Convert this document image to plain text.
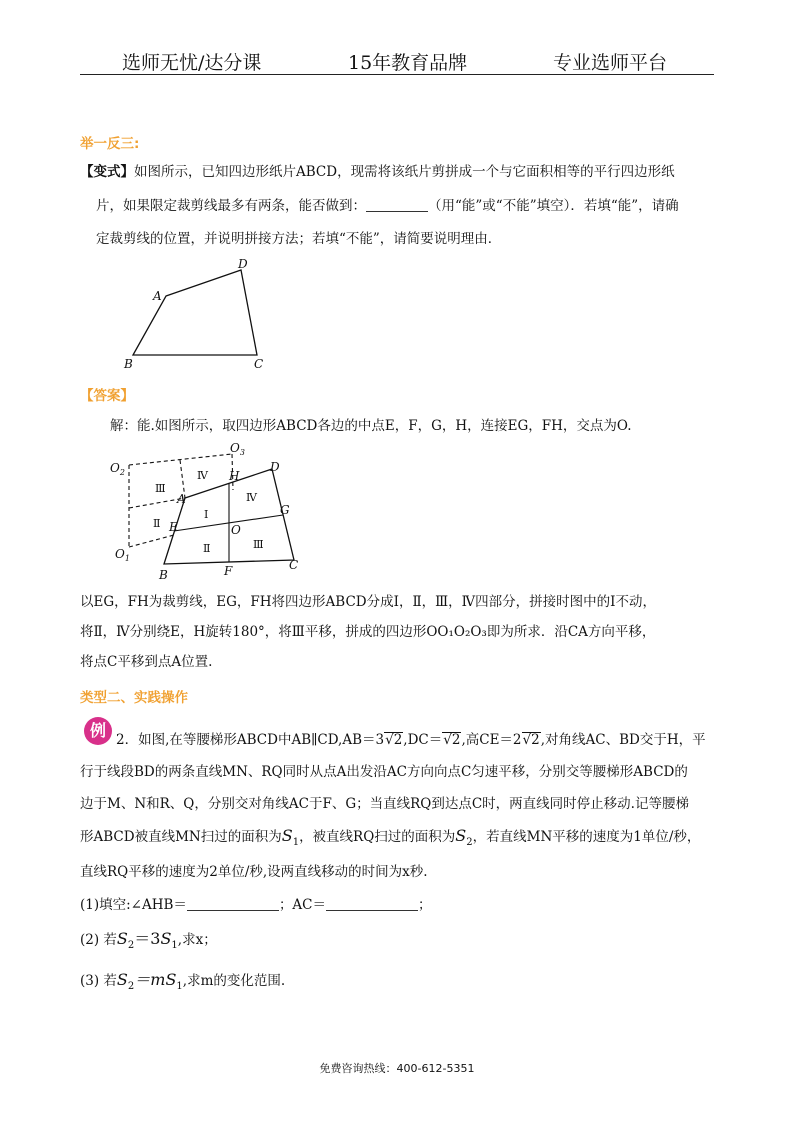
选师无忧/达分课	15年教育品牌	专业选师平台
举一反三:
【变式】如图所示，已知四边形纸片ABCD，现需将该纸片剪拼成一个与它面积相等的平行四边形纸
片，如果限定裁剪线最多有两条，能否做到：	（用“能”或“不能”填空）．若填“能”，请确
定裁剪线的位置，并说明拼接方法；若填“不能”，请简要说明理由．
A
D
B	C
【答案】
解：能.如图所示，取四边形ABCD各边的中点E，F，G，H，连接EG，FH，交点为O.
$O_2$
$O_3$
$O_1$
A
D
B
C
E
F
G
H
O
Ⅰ
Ⅱ
Ⅱ
Ⅲ
Ⅲ
Ⅳ
Ⅳ
以EG，FH为裁剪线，EG，FH将四边形ABCD分成Ⅰ，Ⅱ，Ⅲ，Ⅳ四部分，拼接时图中的Ⅰ不动，
将Ⅱ，Ⅳ分别绕E，H旋转180°，将Ⅲ平移，拼成的四边形OO₁O₂O₃即为所求．沿CA方向平移，
将点C平移到点A位置.
类型二、实践操作
例 2．如图,在等腰梯形ABCD中AB∥CD,AB＝3√2,DC＝√2,高CE＝2√2,对角线AC、BD交于H，平
行于线段BD的两条直线MN、RQ同时从点A出发沿AC方向向点C匀速平移，分别交等腰梯形ABCD的
边于M、N和R、Q，分别交对角线AC于F、G；当直线RQ到达点C时，两直线同时停止移动.记等腰梯
形ABCD被直线MN扫过的面积为$S_1$，被直线RQ扫过的面积为$S_2$，若直线MN平移的速度为1单位/秒，
直线RQ平移的速度为2单位/秒,设两直线移动的时间为x秒.
(1)填空:∠AHB＝	；AC＝	；
(2) 若$S_2=3S_1$,求x；
(3) 若$S_2=mS_1$,求m的变化范围.
免费咨询热线：400-612-5351
